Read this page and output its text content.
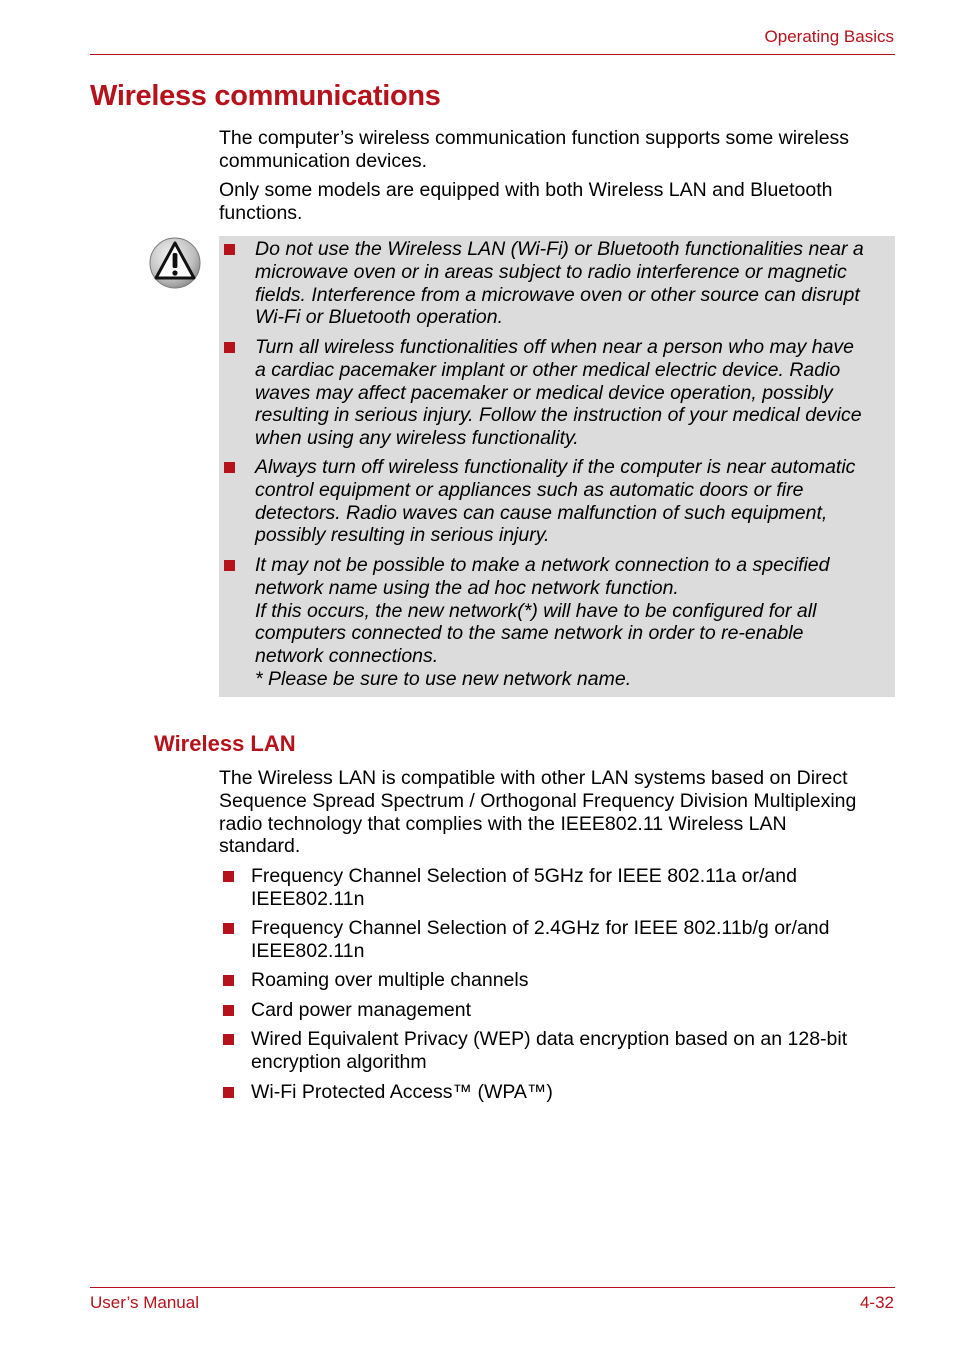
Operating Basics
Wireless communications

The computer’s wireless communication function supports some wireless communication devices.

Only some models are equipped with both Wireless LAN and Bluetooth functions.

Do not use the Wireless LAN (Wi-Fi) or Bluetooth functionalities near a
microwave oven or in areas subject to radio interference or magnetic
fields. Interference from a microwave oven or other source can disrupt
Wi-Fi or Bluetooth operation.
Turn all wireless functionalities off when near a person who may have
a cardiac pacemaker implant or other medical electric device. Radio
waves may affect pacemaker or medical device operation, possibly
resulting in serious injury. Follow the instruction of your medical device
when using any wireless functionality.
Always turn off wireless functionality if the computer is near automatic
control equipment or appliances such as automatic doors or fire
detectors. Radio waves can cause malfunction of such equipment,
possibly resulting in serious injury.
It may not be possible to make a network connection to a specified
network name using the ad hoc network function.
If this occurs, the new network(*) will have to be configured for all
computers connected to the same network in order to re-enable
network connections.
* Please be sure to use new network name.
Wireless LAN
The Wireless LAN is compatible with other LAN systems based on Direct
Sequence Spread Spectrum / Orthogonal Frequency Division Multiplexing
radio technology that complies with the IEEE802.11 Wireless LAN
standard.
Frequency Channel Selection of 5GHz for IEEE 802.11a or/and
IEEE802.11n
Frequency Channel Selection of 2.4GHz for IEEE 802.11b/g or/and
IEEE802.11n
Roaming over multiple channels
Card power management
Wired Equivalent Privacy (WEP) data encryption based on an 128-bit
encryption algorithm
Wi-Fi Protected Access™ (WPA™)
User’s Manual	4-32
